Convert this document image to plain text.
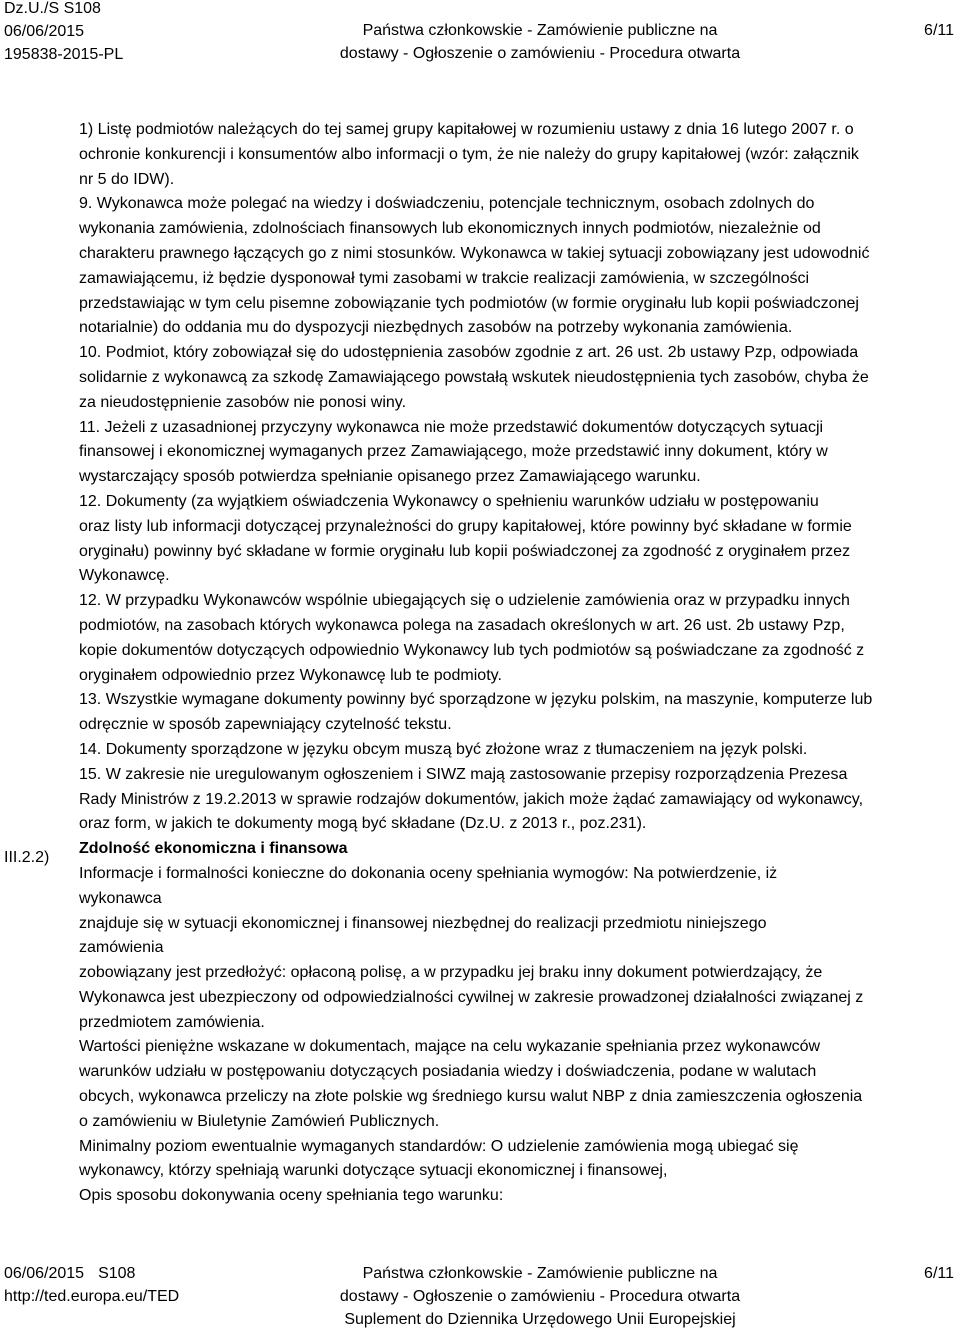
Dz.U./S S108
06/06/2015
195838-2015-PL
Państwa członkowskie - Zamówienie publiczne na
dostawy - Ogłoszenie o zamówieniu - Procedura otwarta
6/11

1) Listę podmiotów należących do tej samej grupy kapitałowej w rozumieniu ustawy z dnia 16 lutego 2007 r. o

ochronie konkurencji i konsumentów albo informacji o tym, że nie należy do grupy kapitałowej (wzór: załącznik

nr 5 do IDW).

9. Wykonawca może polegać na wiedzy i doświadczeniu, potencjale technicznym, osobach zdolnych do

wykonania zamówienia, zdolnościach finansowych lub ekonomicznych innych podmiotów, niezależnie od

charakteru prawnego łączących go z nimi stosunków. Wykonawca w takiej sytuacji zobowiązany jest udowodnić

zamawiającemu, iż będzie dysponował tymi zasobami w trakcie realizacji zamówienia, w szczególności

przedstawiając w tym celu pisemne zobowiązanie tych podmiotów (w formie oryginału lub kopii poświadczonej

notarialnie) do oddania mu do dyspozycji niezbędnych zasobów na potrzeby wykonania zamówienia.

10. Podmiot, który zobowiązał się do udostępnienia zasobów zgodnie z art. 26 ust. 2b ustawy Pzp, odpowiada

solidarnie z wykonawcą za szkodę Zamawiającego powstałą wskutek nieudostępnienia tych zasobów, chyba że

za nieudostępnienie zasobów nie ponosi winy.

11. Jeżeli z uzasadnionej przyczyny wykonawca nie może przedstawić dokumentów dotyczących sytuacji

finansowej i ekonomicznej wymaganych przez Zamawiającego, może przedstawić inny dokument, który w

wystarczający sposób potwierdza spełnianie opisanego przez Zamawiającego warunku.

12. Dokumenty (za wyjątkiem oświadczenia Wykonawcy o spełnieniu warunków udziału w postępowaniu

oraz listy lub informacji dotyczącej przynależności do grupy kapitałowej, które powinny być składane w formie

oryginału) powinny być składane w formie oryginału lub kopii poświadczonej za zgodność z oryginałem przez

Wykonawcę.

12. W przypadku Wykonawców wspólnie ubiegających się o udzielenie zamówienia oraz w przypadku innych

podmiotów, na zasobach których wykonawca polega na zasadach określonych w art. 26 ust. 2b ustawy Pzp,

kopie dokumentów dotyczących odpowiednio Wykonawcy lub tych podmiotów są poświadczane za zgodność z

oryginałem odpowiednio przez Wykonawcę lub te podmioty.

13. Wszystkie wymagane dokumenty powinny być sporządzone w języku polskim, na maszynie, komputerze lub

odręcznie w sposób zapewniający czytelność tekstu.

14. Dokumenty sporządzone w języku obcym muszą być złożone wraz z tłumaczeniem na język polski.

15. W zakresie nie uregulowanym ogłoszeniem i SIWZ mają zastosowanie przepisy rozporządzenia Prezesa

Rady Ministrów z 19.2.2013 w sprawie rodzajów dokumentów, jakich może żądać zamawiający od wykonawcy,

oraz form, w jakich te dokumenty mogą być składane (Dz.U. z 2013 r., poz.231).

Zdolność ekonomiczna i finansowa

Informacje i formalności konieczne do dokonania oceny spełniania wymogów: Na potwierdzenie, iż

wykonawca

znajduje się w sytuacji ekonomicznej i finansowej niezbędnej do realizacji przedmiotu niniejszego

zamówienia

zobowiązany jest przedłożyć: opłaconą polisę, a w przypadku jej braku inny dokument potwierdzający, że

Wykonawca jest ubezpieczony od odpowiedzialności cywilnej w zakresie prowadzonej działalności związanej z

przedmiotem zamówienia.

Wartości pieniężne wskazane w dokumentach, mające na celu wykazanie spełniania przez wykonawców

warunków udziału w postępowaniu dotyczących posiadania wiedzy i doświadczenia, podane w walutach

obcych, wykonawca przeliczy na złote polskie wg średniego kursu walut NBP z dnia zamieszczenia ogłoszenia

o zamówieniu w Biuletynie Zamówień Publicznych.

Minimalny poziom ewentualnie wymaganych standardów: O udzielenie zamówienia mogą ubiegać się

wykonawcy, którzy spełniają warunki dotyczące sytuacji ekonomicznej i finansowej,

Opis sposobu dokonywania oceny spełniania tego warunku:

III.2.2)
06/06/2015 S108
http://ted.europa.eu/TED
Państwa członkowskie - Zamówienie publiczne na
dostawy - Ogłoszenie o zamówieniu - Procedura otwarta
Suplement do Dziennika Urzędowego Unii Europejskiej
6/11
